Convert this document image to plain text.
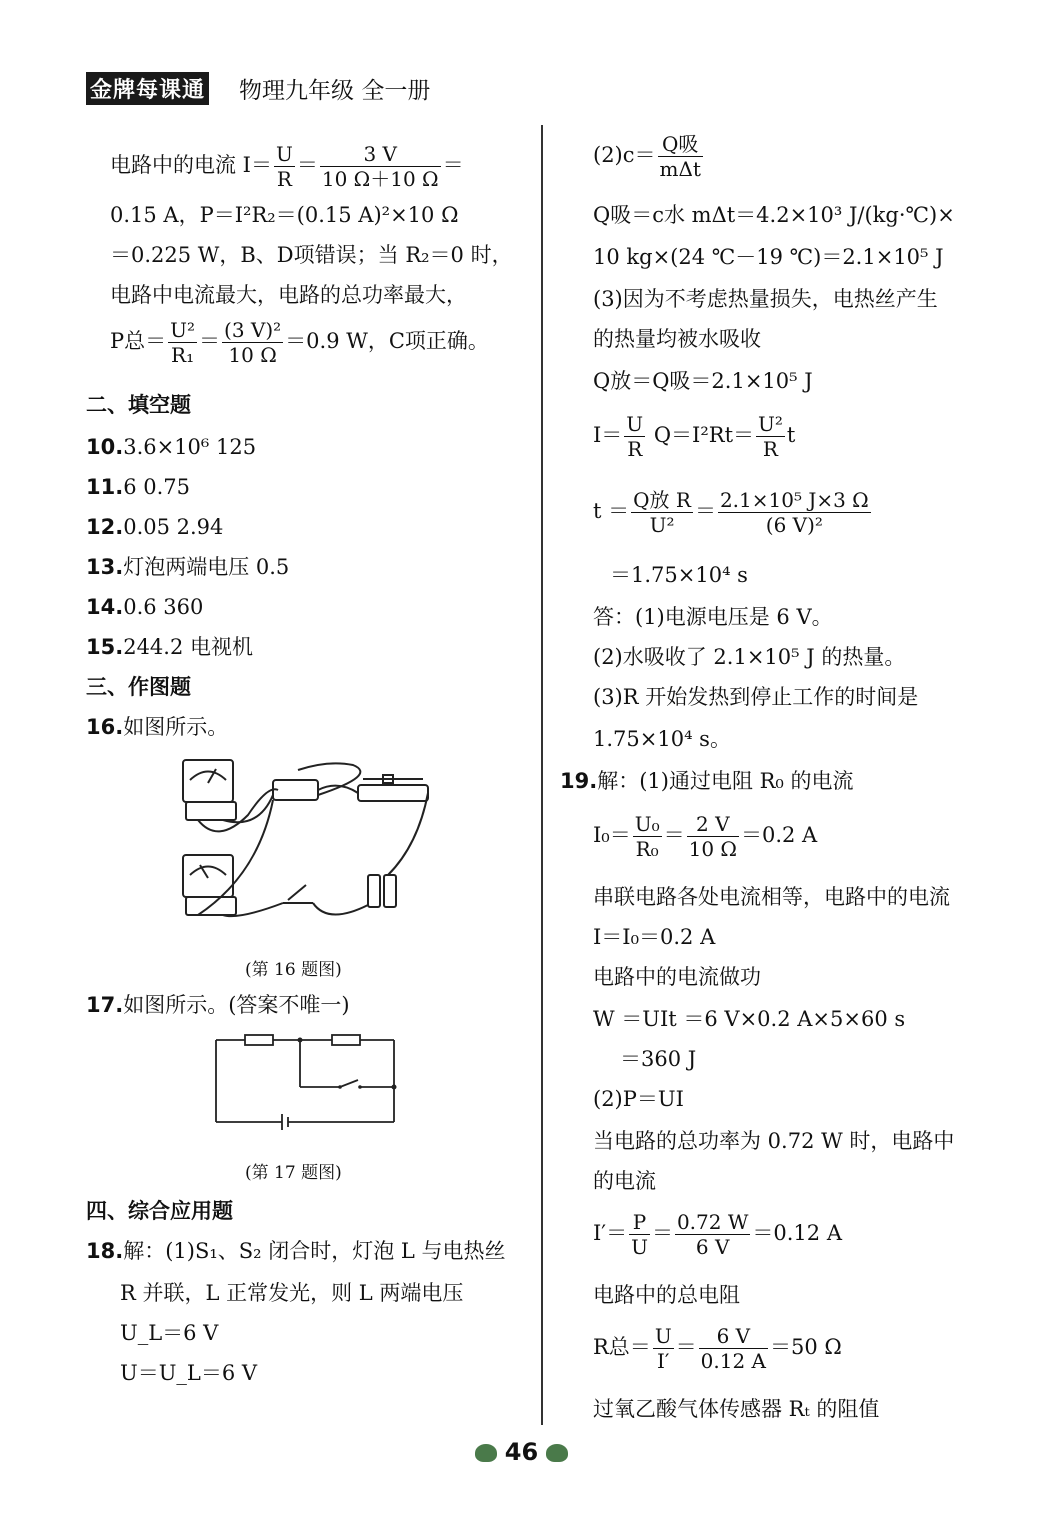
金牌每课通 物理九年级 全一册
电路中的电流 $I= \frac{U}{R} = \frac{3 V}{10 \Omega+10 \Omega}$ ＝
0.15 A，P＝I²R₂＝(0.15 A)²×10 Ω
＝0.225 W，B、D项错误；当 R₂＝0 时，
电路中电流最大，电路的总功率最大，
P总＝ $\frac{\text{U²}}{\text{R₁}} = \frac{\text{(3 V)²}}{10 \Omega} =0.9$ W，C项正确。
二、填空题
10.3.6×10⁶ 125
11.6 0.75
12.0.05 2.94
13.灯泡两端电压 0.5
14.0.6 360
15.244.2 电视机
三、作图题
16.如图所示。
(第 16 题图)
17.如图所示。(答案不唯一)
(第 17 题图)
四、综合应用题
18.解：(1)S₁、S₂ 闭合时，灯泡 L 与电热丝
R 并联，L 正常发光，则 L 两端电压
U_L＝6 V
U＝U_L＝6 V
$(2)c= \frac{\text{Q吸}}{\text{mΔt}}$
Q吸＝c水 mΔt＝4.2×10³ J/(kg·℃)×
10 kg×(24 ℃－19 ℃)＝2.1×10⁵ J
(3)因为不考虑热量损失，电热丝产生
的热量均被水吸收
Q放＝Q吸＝2.1×10⁵ J
$I= \frac{U}{R} Q=I^2Rt= \frac{\text{U²}}{R}$ t
$t = \frac{\text{Q放 R}}{\text{U²}} = \frac{\text{2.1×10⁵ J×3 Ω}}{\text{(6 V)²}}$
＝1.75×10⁴ s
答：(1)电源电压是 6 V。
(2)水吸收了 2.1×10⁵ J 的热量。
(3)R 开始发热到停止工作的时间是
1.75×10⁴ s。
19.解：(1)通过电阻 R₀ 的电流
$I_0= \frac{\text{U₀}}{\text{R₀}} = \frac{2 V}{10 \Omega} =0.2$ A
串联电路各处电流相等，电路中的电流
I＝I₀＝0.2 A
电路中的电流做功
W ＝UIt ＝6 V×0.2 A×5×60 s
＝360 J
(2)P＝UI
当电路的总功率为 0.72 W 时，电路中
的电流
$I'= \frac{P}{U} = \frac{0.72 W}{6 V} =0.12$ A
电路中的总电阻
R总＝ $\frac{U}{I'} = \frac{6 V}{0.12 A} =50$ Ω
过氧乙酸气体传感器 Rₜ 的阻值
46
